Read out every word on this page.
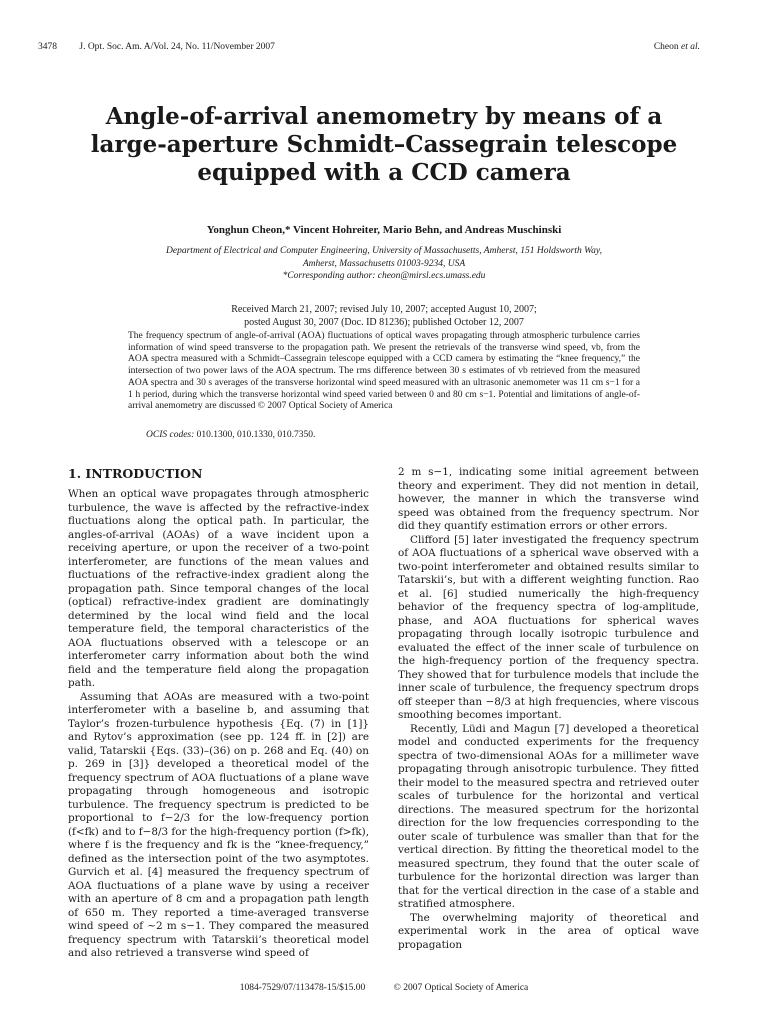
3478 J. Opt. Soc. Am. A/Vol. 24, No. 11/November 2007	Cheon et al.
Angle-of-arrival anemometry by means of a large-aperture Schmidt–Cassegrain telescope equipped with a CCD camera
Yonghun Cheon,* Vincent Hohreiter, Mario Behn, and Andreas Muschinski
Department of Electrical and Computer Engineering, University of Massachusetts, Amherst, 151 Holdsworth Way,
Amherst, Massachusetts 01003-9234, USA
*Corresponding author: cheon@mirsl.ecs.umass.edu
Received March 21, 2007; revised July 10, 2007; accepted August 10, 2007;
posted August 30, 2007 (Doc. ID 81236); published October 12, 2007
The frequency spectrum of angle-of-arrival (AOA) fluctuations of optical waves propagating through atmospheric turbulence carries information of wind speed transverse to the propagation path. We present the retrievals of the transverse wind speed, vb, from the AOA spectra measured with a Schmidt–Cassegrain telescope equipped with a CCD camera by estimating the “knee frequency,” the intersection of two power laws of the AOA spectrum. The rms difference between 30 s estimates of vb retrieved from the measured AOA spectra and 30 s averages of the transverse horizontal wind speed measured with an ultrasonic anemometer was 11 cm s−1 for a 1 h period, during which the transverse horizontal wind speed varied between 0 and 80 cm s−1. Potential and limitations of angle-of-arrival anemometry are discussed © 2007 Optical Society of America
OCIS codes: 010.1300, 010.1330, 010.7350.
1. INTRODUCTION

When an optical wave propagates through atmospheric turbulence, the wave is affected by the refractive-index fluctuations along the optical path. In particular, the angles-of-arrival (AOAs) of a wave incident upon a receiving aperture, or upon the receiver of a two-point interferometer, are functions of the mean values and fluctuations of the refractive-index gradient along the propagation path. Since temporal changes of the local (optical) refractive-index gradient are dominatingly determined by the local wind field and the local temperature field, the temporal characteristics of the AOA fluctuations observed with a telescope or an interferometer carry information about both the wind field and the temperature field along the propagation path.

Assuming that AOAs are measured with a two-point interferometer with a baseline b, and assuming that Taylor’s frozen-turbulence hypothesis {Eq. (7) in [1]} and Rytov’s approximation (see pp. 124 ff. in [2]) are valid, Tatarskii {Eqs. (33)–(36) on p. 268 and Eq. (40) on p. 269 in [3]} developed a theoretical model of the frequency spectrum of AOA fluctuations of a plane wave propagating through homogeneous and isotropic turbulence. The frequency spectrum is predicted to be proportional to f−2/3 for the low-frequency portion (f<fk) and to f−8/3 for the high-frequency portion (f>fk), where f is the frequency and fk is the “knee-frequency,” defined as the intersection point of the two asymptotes. Gurvich et al. [4] measured the frequency spectrum of AOA fluctuations of a plane wave by using a receiver with an aperture of 8 cm and a propagation path length of 650 m. They reported a time-averaged transverse wind speed of ~2 m s−1. They compared the measured frequency spectrum with Tatarskii’s theoretical model and also retrieved a transverse wind speed of

2 m s−1, indicating some initial agreement between theory and experiment. They did not mention in detail, however, the manner in which the transverse wind speed was obtained from the frequency spectrum. Nor did they quantify estimation errors or other errors.

Clifford [5] later investigated the frequency spectrum of AOA fluctuations of a spherical wave observed with a two-point interferometer and obtained results similar to Tatarskii’s, but with a different weighting function. Rao et al. [6] studied numerically the high-frequency behavior of the frequency spectra of log-amplitude, phase, and AOA fluctuations for spherical waves propagating through locally isotropic turbulence and evaluated the effect of the inner scale of turbulence on the high-frequency portion of the frequency spectra. They showed that for turbulence models that include the inner scale of turbulence, the frequency spectrum drops off steeper than −8/3 at high frequencies, where viscous smoothing becomes important.

Recently, Lüdi and Magun [7] developed a theoretical model and conducted experiments for the frequency spectra of two-dimensional AOAs for a millimeter wave propagating through anisotropic turbulence. They fitted their model to the measured spectra and retrieved outer scales of turbulence for the horizontal and vertical directions. The measured spectrum for the horizontal direction for the low frequencies corresponding to the outer scale of turbulence was smaller than that for the vertical direction. By fitting the theoretical model to the measured spectrum, they found that the outer scale of turbulence for the horizontal direction was larger than that for the vertical direction in the case of a stable and stratified atmosphere.

The overwhelming majority of theoretical and experimental work in the area of optical wave propagation

1084-7529/07/113478-15/$15.00	© 2007 Optical Society of America
